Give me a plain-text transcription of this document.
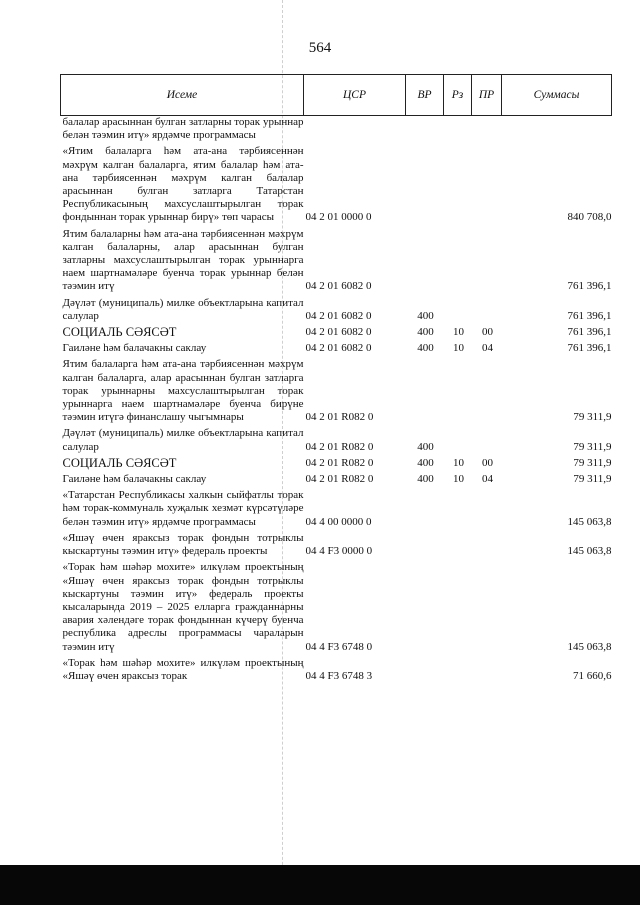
564
Исеме	ЦСР	ВР	Рз	ПР	Суммасы
балалар арасыннан булган затларны торак урыннар белән тәэмин итү» ярдәмче программасы					

«Ятим балаларга һәм ата-ана тәрбиясеннән мәхрүм калган балаларга, ятим балалар һәм ата-ана тәрбиясеннән мәхрүм калган балалар арасыннан булган затларга Татарстан Республикасының махсуслаштырылган торак фондыннан торак урыннар бирү» төп чарасы	04 2 01 0000 0				840 708,0

Ятим балаларны һәм ата-ана тәрбиясеннән мәхрүм калган балаларны, алар арасыннан булган затларны махсуслаштырылган торак урыннарга наем шартнамәләре буенча торак урыннар белән тәэмин итү	04 2 01 6082 0				761 396,1

Дәүләт (муниципаль) милке объектларына капитал салулар	04 2 01 6082 0	400			761 396,1

СОЦИАЛЬ СӘЯСӘТ	04 2 01 6082 0	400	10	00	761 396,1

Гаиләне һәм балачакны саклау	04 2 01 6082 0	400	10	04	761 396,1

Ятим балаларга һәм ата-ана тәрбиясеннән мәхрүм калган балаларга, алар арасыннан булган затларга торак урыннарны махсуслаштырылган торак урыннарга наем шартнамәләре буенча бирүне тәэмин итүгә финанслашу чыгымнары	04 2 01 R082 0				79 311,9

Дәүләт (муниципаль) милке объектларына капитал салулар	04 2 01 R082 0	400			79 311,9

СОЦИАЛЬ СӘЯСӘТ	04 2 01 R082 0	400	10	00	79 311,9

Гаиләне һәм балачакны саклау	04 2 01 R082 0	400	10	04	79 311,9

«Татарстан Республикасы халкын сыйфатлы торак һәм торак-коммуналь хуҗалык хезмәт күрсәтүләре белән тәэмин итү» ярдәмче программасы	04 4 00 0000 0				145 063,8

«Яшәү өчен яраксыз торак фондын тотрыклы кыскартуны тәэмин итү» федераль проекты	04 4 F3 0000 0				145 063,8

«Торак һәм шәһәр мохите» илкүләм проектының «Яшәү өчен яраксыз торак фондын тотрыклы кыскартуны тәэмин итү» федераль проекты кысаларында 2019 – 2025 елларга гражданнарны авария хәлендәге торак фондыннан күчерү буенча республика адреслы программасы чараларын тәэмин итү	04 4 F3 6748 0				145 063,8

«Торак һәм шәһәр мохите» илкүләм проектының «Яшәү өчен яраксыз торак	04 4 F3 6748 3				71 660,6
